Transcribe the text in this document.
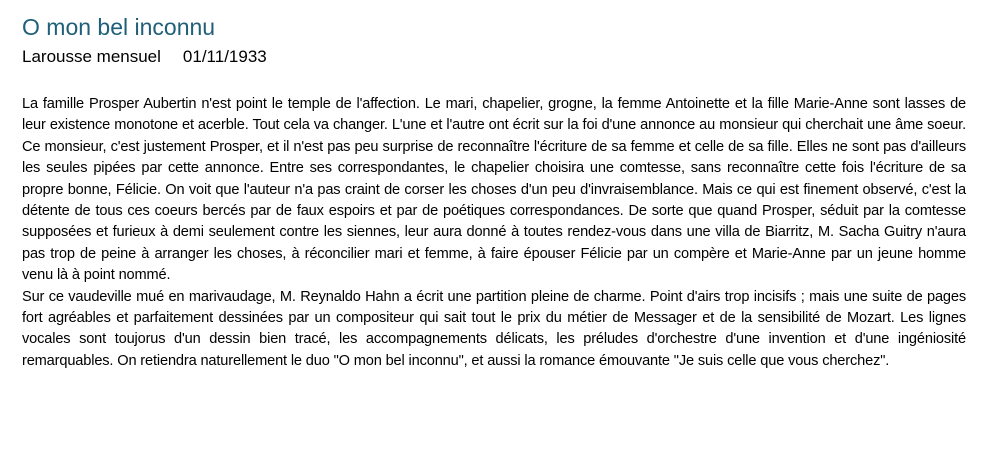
O mon bel inconnu
Larousse mensuel 01/11/1933

La famille Prosper Aubertin n'est point le temple de l'affection. Le mari, chapelier, grogne, la femme Antoinette et la fille Marie-Anne sont lasses de leur existence monotone et acerble. Tout cela va changer. L'une et l'autre ont écrit sur la foi d'une annonce au monsieur qui cherchait une âme soeur. Ce monsieur, c'est justement Prosper, et il n'est pas peu surprise de reconnaître l'écriture de sa femme et celle de sa fille. Elles ne sont pas d'ailleurs les seules pipées par cette annonce. Entre ses correspondantes, le chapelier choisira une comtesse, sans reconnaître cette fois l'écriture de sa propre bonne, Félicie. On voit que l'auteur n'a pas craint de corser les choses d'un peu d'invraisemblance. Mais ce qui est finement observé, c'est la détente de tous ces coeurs bercés par de faux espoirs et par de poétiques correspondances. De sorte que quand Prosper, séduit par la comtesse supposées et furieux à demi seulement contre les siennes, leur aura donné à toutes rendez-vous dans une villa de Biarritz, M. Sacha Guitry n'aura pas trop de peine à arranger les choses, à réconcilier mari et femme, à faire épouser Félicie par un compère et Marie-Anne par un jeune homme venu là à point nommé.

Sur ce vaudeville mué en marivaudage, M. Reynaldo Hahn a écrit une partition pleine de charme. Point d'airs trop incisifs ; mais une suite de pages fort agréables et parfaitement dessinées par un compositeur qui sait tout le prix du métier de Messager et de la sensibilité de Mozart. Les lignes vocales sont toujorus d'un dessin bien tracé, les accompagnements délicats, les préludes d'orchestre d'une invention et d'une ingéniosité remarquables. On retiendra naturellement le duo "O mon bel inconnu", et aussi la romance émouvante "Je suis celle que vous cherchez".
